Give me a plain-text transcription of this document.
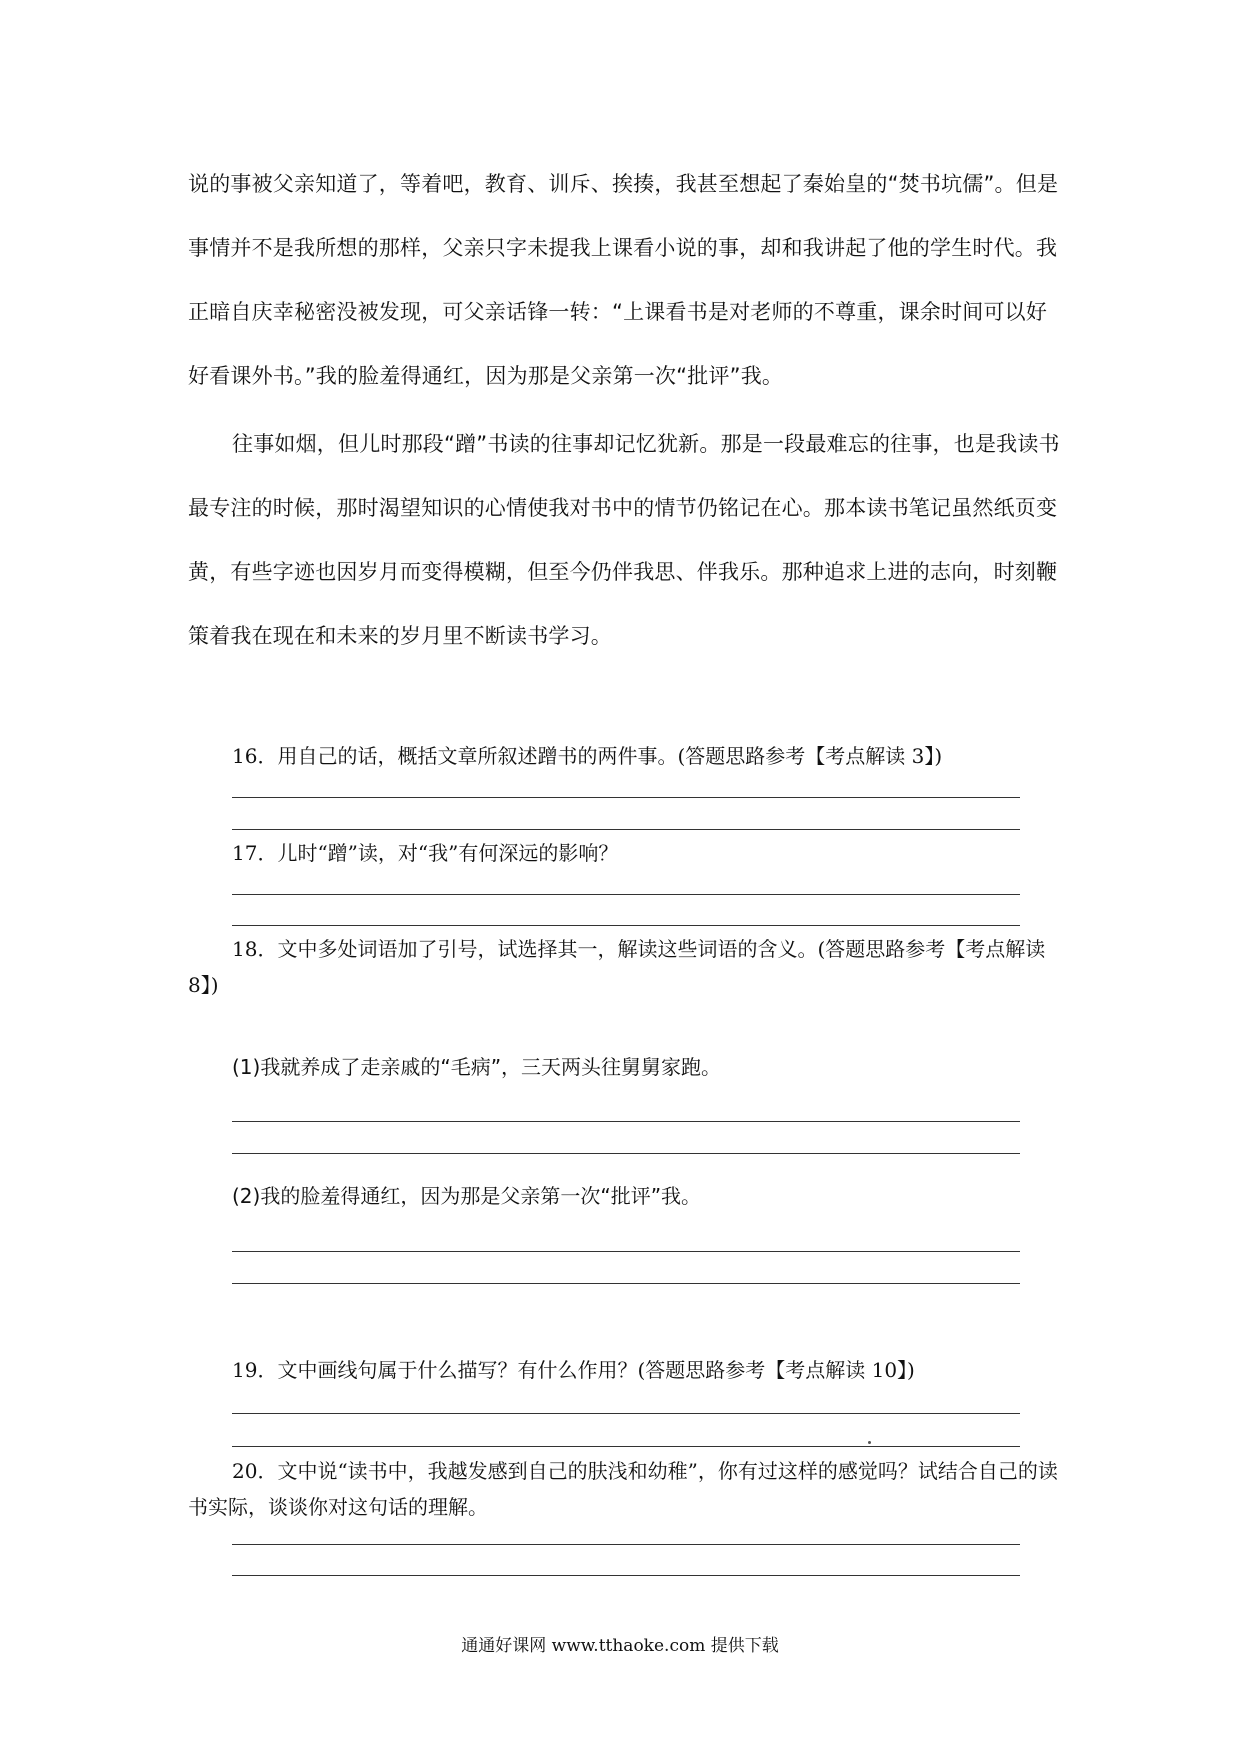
说的事被父亲知道了，等着吧，教育、训斥、挨揍，我甚至想起了秦始皇的“焚书坑儒”。但是事情并不是我所想的那样，父亲只字未提我上课看小说的事，却和我讲起了他的学生时代。我正暗自庆幸秘密没被发现，可父亲话锋一转：“上课看书是对老师的不尊重，课余时间可以好好看课外书。”我的脸羞得通红，因为那是父亲第一次“批评”我。

往事如烟，但儿时那段“蹭”书读的往事却记忆犹新。那是一段最难忘的往事，也是我读书最专注的时候，那时渴望知识的心情使我对书中的情节仍铭记在心。那本读书笔记虽然纸页变黄，有些字迹也因岁月而变得模糊，但至今仍伴我思、伴我乐。那种追求上进的志向，时刻鞭策着我在现在和未来的岁月里不断读书学习。

16．用自己的话，概括文章所叙述蹭书的两件事。(答题思路参考【考点解读 3】)

17．儿时“蹭”读，对“我”有何深远的影响？

18．文中多处词语加了引号，试选择其一，解读这些词语的含义。(答题思路参考【考点解读 8】)

(1)我就养成了走亲戚的“毛病”，三天两头往舅舅家跑。

(2)我的脸羞得通红，因为那是父亲第一次“批评”我。

19．文中画线句属于什么描写？有什么作用？(答题思路参考【考点解读 10】)

20．文中说“读书中，我越发感到自己的肤浅和幼稚”，你有过这样的感觉吗？试结合自己的读书实际，谈谈你对这句话的理解。

通通好课网 www.tthaoke.com 提供下载
